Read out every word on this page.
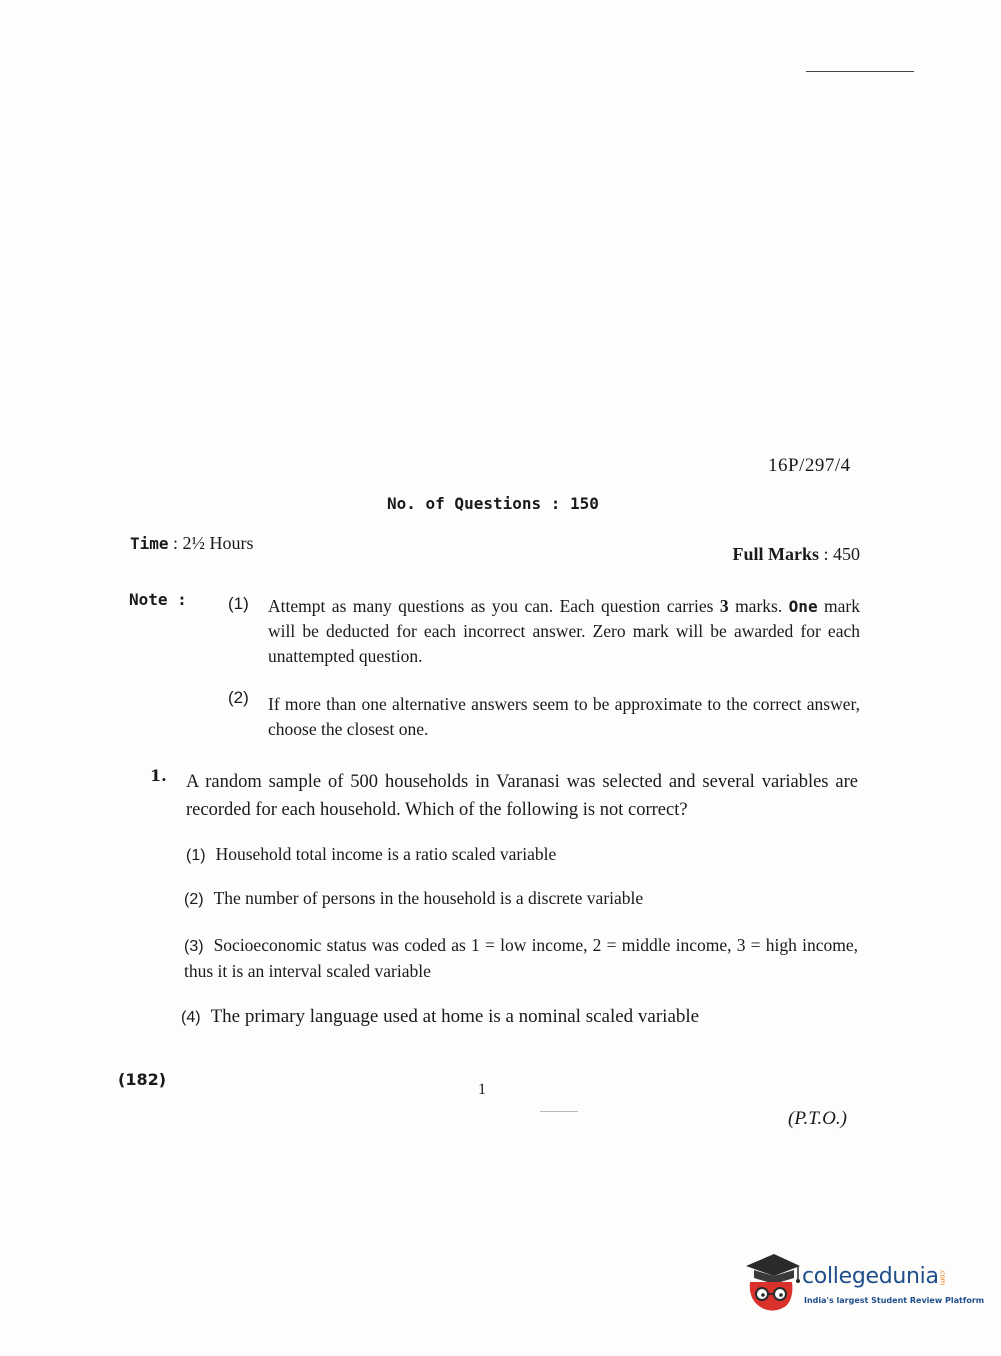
16P/297/4
No. of Questions : 150
Time : 2½ Hours
Full Marks : 450
Note : (1) Attempt as many questions as you can. Each question carries 3 marks. One mark will be deducted for each incorrect answer. Zero mark will be awarded for each unattempted question.
(2) If more than one alternative answers seem to be approximate to the correct answer, choose the closest one.
1. A random sample of 500 households in Varanasi was selected and several variables are recorded for each household. Which of the following is not correct?
(1) Household total income is a ratio scaled variable
(2) The number of persons in the household is a discrete variable
(3) Socioeconomic status was coded as 1 = low income, 2 = middle income, 3 = high income, thus it is an interval scaled variable
(4) The primary language used at home is a nominal scaled variable
(182)
1
(P.T.O.)
collegedunia.com
India's largest Student Review Platform
